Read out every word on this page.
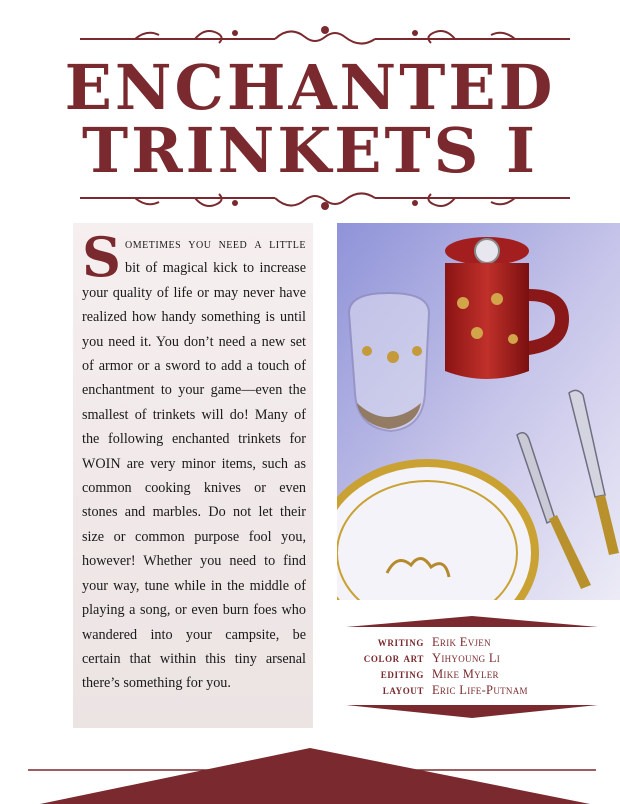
ENCHANTED
TRINKETS I

Sometimes you need a little bit of magical kick to increase your quality of life or may never have realized how handy something is until you need it. You don’t need a new set of armor or a sword to add a touch of enchantment to your game—even the smallest of trinkets will do! Many of the following enchanted trinkets for WOIN are very minor items, such as common cooking knives or even stones and marbles. Do not let their size or common purpose fool you, however! Whether you need to find your way, tune while in the middle of playing a song, or even burn foes who wandered into your campsite, be certain that within this tiny arsenal there’s something for you.

writing Erik Evjen
color art Yihyoung Li
editing Mike Myler
layout Eric Life-Putnam
